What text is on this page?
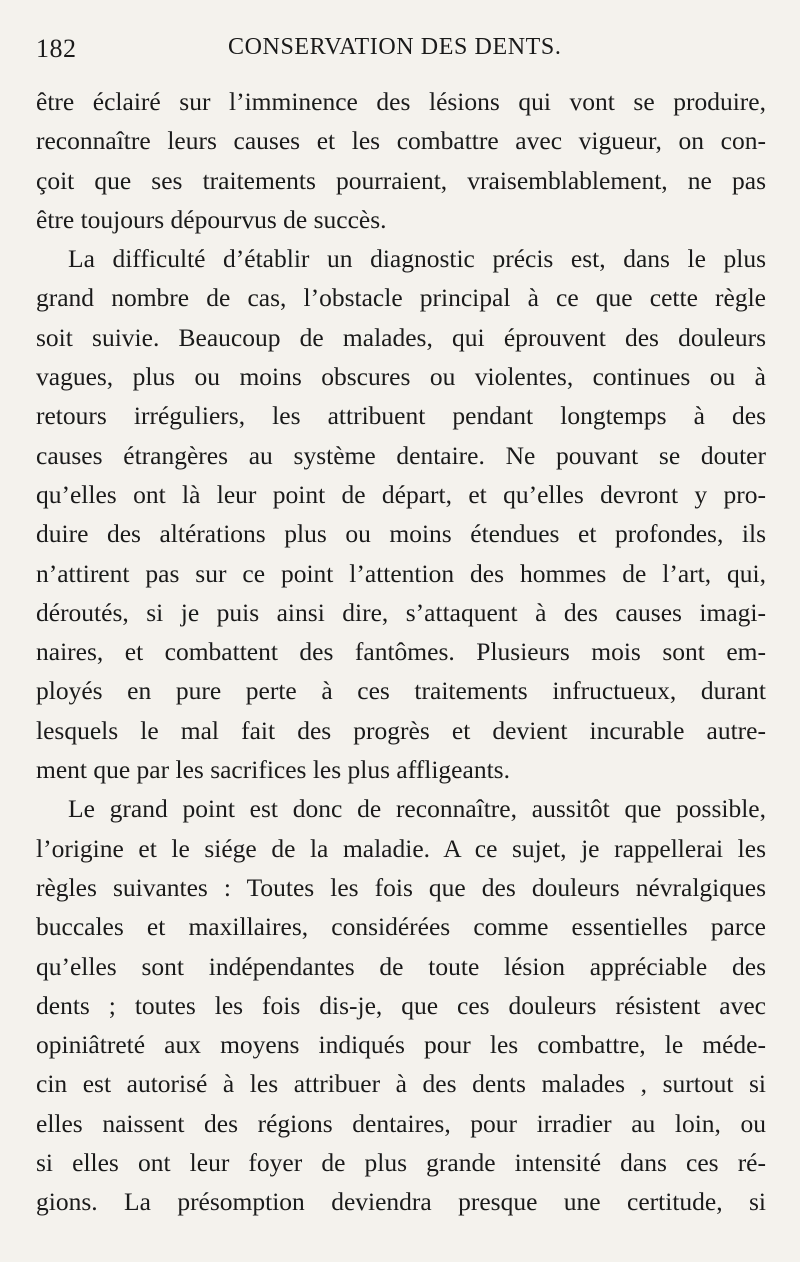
182	CONSERVATION DES DENTS.
être éclairé sur l’imminence des lésions qui vont se produire,
reconnaître leurs causes et les combattre avec vigueur, on con-
çoit que ses traitements pourraient, vraisemblablement, ne pas
être toujours dépourvus de succès.
La difficulté d’établir un diagnostic précis est, dans le plus
grand nombre de cas, l’obstacle principal à ce que cette règle
soit suivie. Beaucoup de malades, qui éprouvent des douleurs
vagues, plus ou moins obscures ou violentes, continues ou à
retours irréguliers, les attribuent pendant longtemps à des
causes étrangères au système dentaire. Ne pouvant se douter
qu’elles ont là leur point de départ, et qu’elles devront y pro-
duire des altérations plus ou moins étendues et profondes, ils
n’attirent pas sur ce point l’attention des hommes de l’art, qui,
déroutés, si je puis ainsi dire, s’attaquent à des causes imagi-
naires, et combattent des fantômes. Plusieurs mois sont em-
ployés en pure perte à ces traitements infructueux, durant
lesquels le mal fait des progrès et devient incurable autre-
ment que par les sacrifices les plus affligeants.
Le grand point est donc de reconnaître, aussitôt que possible,
l’origine et le siége de la maladie. A ce sujet, je rappellerai les
règles suivantes : Toutes les fois que des douleurs névralgiques
buccales et maxillaires, considérées comme essentielles parce
qu’elles sont indépendantes de toute lésion appréciable des
dents ; toutes les fois dis-je, que ces douleurs résistent avec
opiniâtreté aux moyens indiqués pour les combattre, le méde-
cin est autorisé à les attribuer à des dents malades , surtout si
elles naissent des régions dentaires, pour irradier au loin, ou
si elles ont leur foyer de plus grande intensité dans ces ré-
gions. La présomption deviendra presque une certitude, si
